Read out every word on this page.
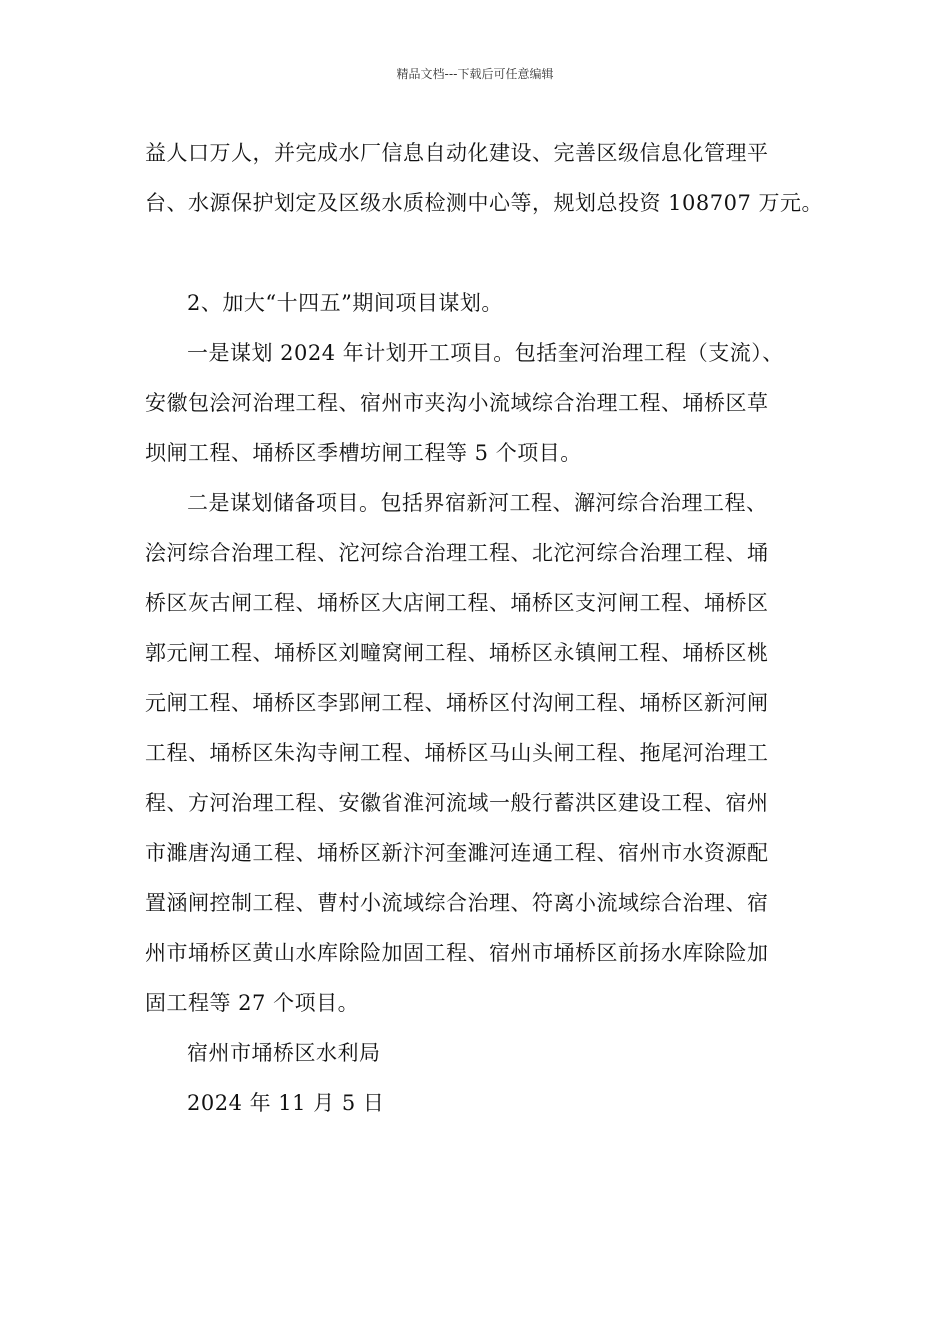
精品文档---下载后可任意编辑
益人口万人，并完成水厂信息自动化建设、完善区级信息化管理平
台、水源保护划定及区级水质检测中心等，规划总投资 108707 万元。
2、加大“十四五”期间项目谋划。
一是谋划 2024 年计划开工项目。包括奎河治理工程（支流）、
安徽包浍河治理工程、宿州市夹沟小流域综合治理工程、埇桥区草
坝闸工程、埇桥区季槽坊闸工程等 5 个项目。
二是谋划储备项目。包括界宿新河工程、澥河综合治理工程、
浍河综合治理工程、沱河综合治理工程、北沱河综合治理工程、埇
桥区灰古闸工程、埇桥区大店闸工程、埇桥区支河闸工程、埇桥区
郭元闸工程、埇桥区刘疃窝闸工程、埇桥区永镇闸工程、埇桥区桃
元闸工程、埇桥区李郢闸工程、埇桥区付沟闸工程、埇桥区新河闸
工程、埇桥区朱沟寺闸工程、埇桥区马山头闸工程、拖尾河治理工
程、方河治理工程、安徽省淮河流域一般行蓄洪区建设工程、宿州
市濉唐沟通工程、埇桥区新汴河奎濉河连通工程、宿州市水资源配
置涵闸控制工程、曹村小流域综合治理、符离小流域综合治理、宿
州市埇桥区黄山水库除险加固工程、宿州市埇桥区前扬水库除险加
固工程等 27 个项目。
宿州市埇桥区水利局
2024 年 11 月 5 日
